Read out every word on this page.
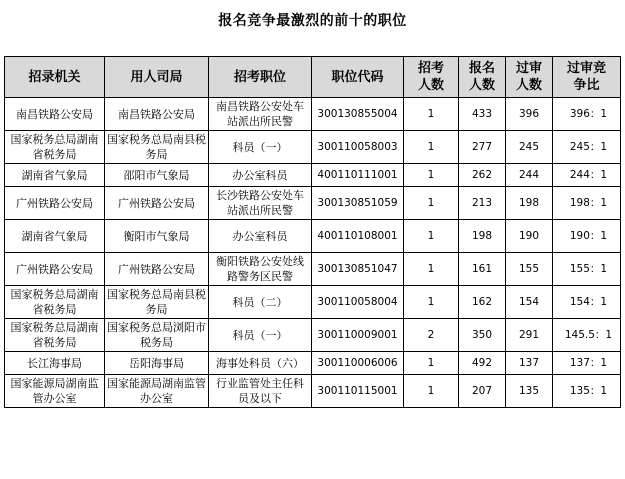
报名竞争最激烈的前十的职位
招录机关	用人司局	招考职位	职位代码	招考人数	报名人数	过审人数	过审竞争比
南昌铁路公安局	南昌铁路公安局	南昌铁路公安处车站派出所民警	300130855004	1	433	396	396：1
国家税务总局湖南省税务局	国家税务总局南县税务局	科员（一）	300110058003	1	277	245	245：1
湖南省气象局	邵阳市气象局	办公室科员	400110111001	1	262	244	244：1
广州铁路公安局	广州铁路公安局	长沙铁路公安处车站派出所民警	300130851059	1	213	198	198：1
湖南省气象局	衡阳市气象局	办公室科员	400110108001	1	198	190	190：1
广州铁路公安局	广州铁路公安局	衡阳铁路公安处线路警务区民警	300130851047	1	161	155	155：1
国家税务总局湖南省税务局	国家税务总局南县税务局	科员（二）	300110058004	1	162	154	154：1
国家税务总局湖南省税务局	国家税务总局浏阳市税务局	科员（一）	300110009001	2	350	291	145.5：1
长江海事局	岳阳海事局	海事处科员（六）	300110006006	1	492	137	137：1
国家能源局湖南监管办公室	国家能源局湖南监管办公室	行业监管处主任科员及以下	300110115001	1	207	135	135：1
